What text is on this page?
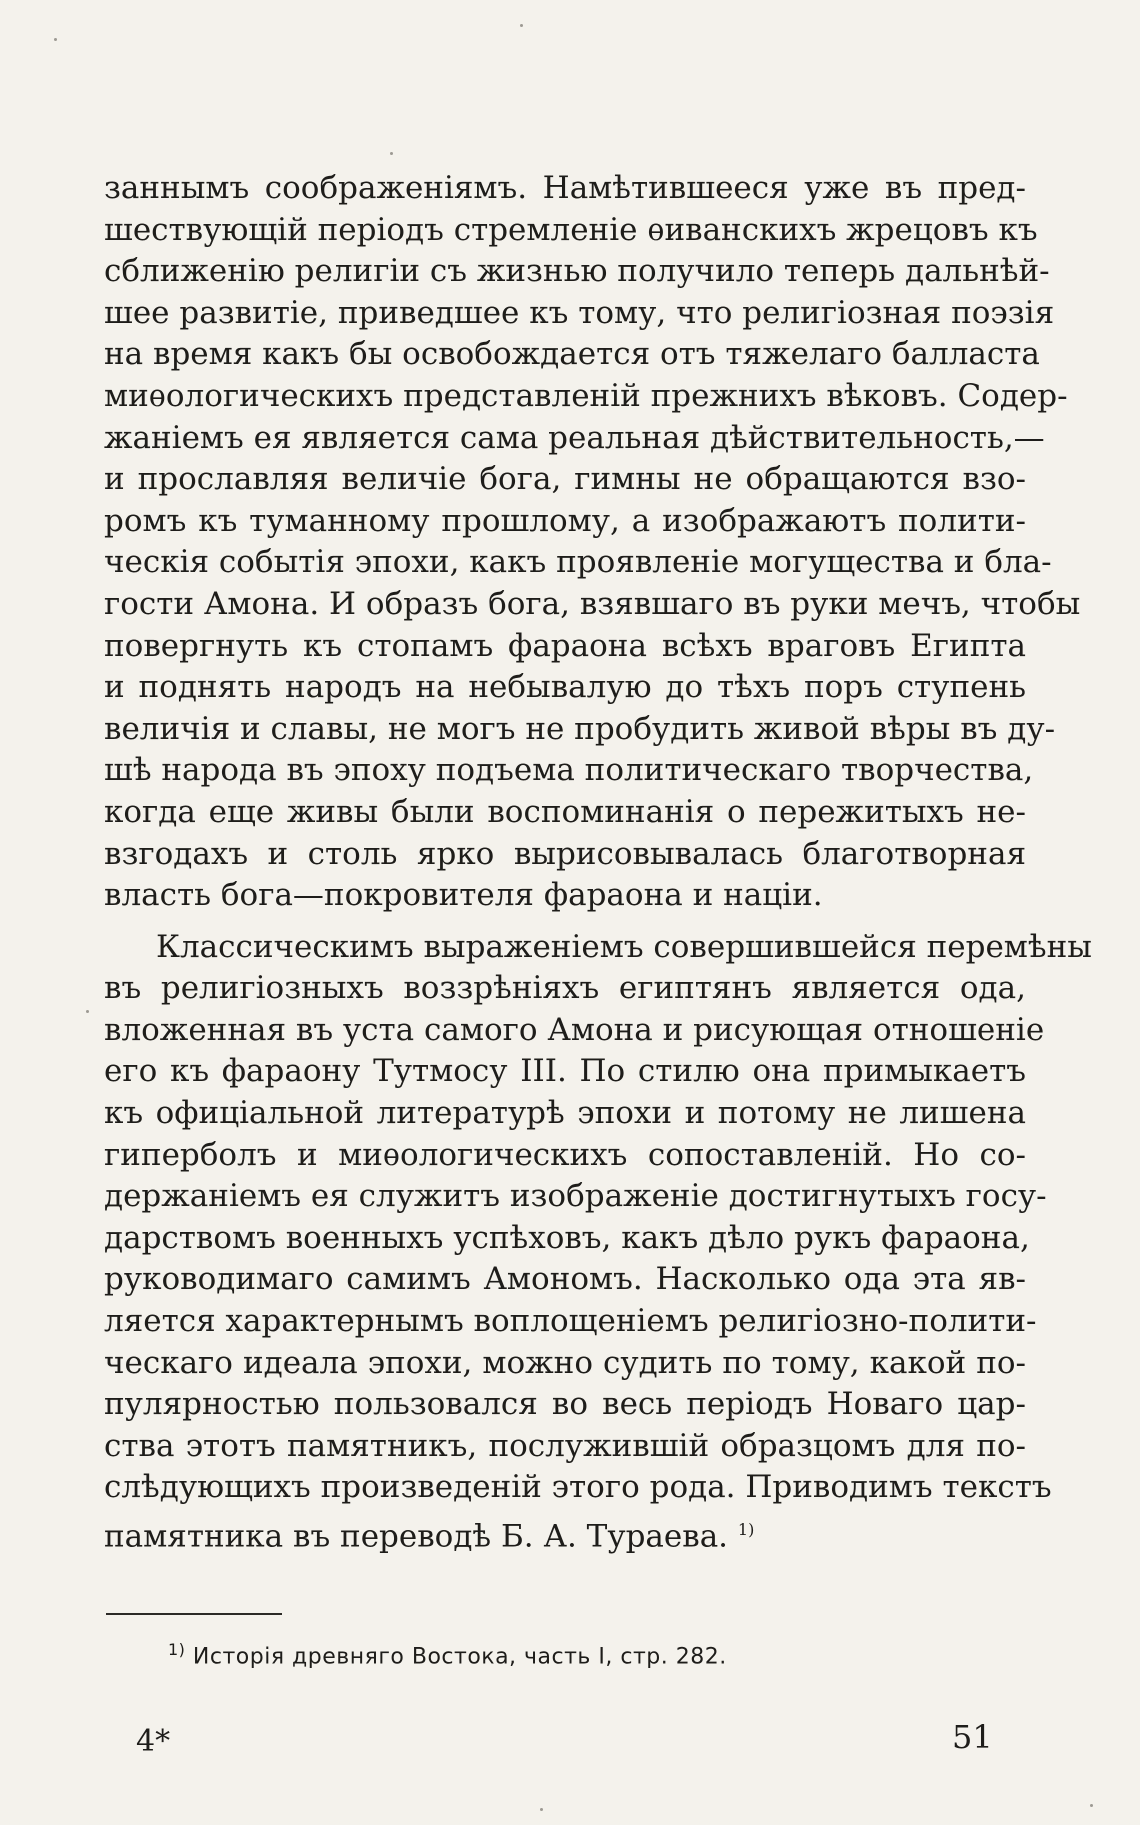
заннымъ соображеніямъ. Намѣтившееся уже въ пред-
шествующій періодъ стремленіе ѳиванскихъ жрецовъ къ
сближенію религіи съ жизнью получило теперь дальнѣй-
шее развитіе, приведшее къ тому, что религіозная поэзія
на время какъ бы освобождается отъ тяжелаго балласта
миѳологическихъ представленій прежнихъ вѣковъ. Содер-
жаніемъ ея является сама реальная дѣйствительность,—
и прославляя величіе бога, гимны не обращаются взо-
ромъ къ туманному прошлому, а изображаютъ полити-
ческія событія эпохи, какъ проявленіе могущества и бла-
гости Амона. И образъ бога, взявшаго въ руки мечъ, чтобы
повергнуть къ стопамъ фараона всѣхъ враговъ Египта
и поднять народъ на небывалую до тѣхъ поръ ступень
величія и славы, не могъ не пробудить живой вѣры въ ду-
шѣ народа въ эпоху подъема политическаго творчества,
когда еще живы были воспоминанія о пережитыхъ не-
взгодахъ и столь ярко вырисовывалась благотворная
власть бога—покровителя фараона и націи.

Классическимъ выраженіемъ совершившейся перемѣны
въ религіозныхъ воззрѣніяхъ египтянъ является ода,
вложенная въ уста самого Амона и рисующая отношеніе
его къ фараону Тутмосу III. По стилю она примыкаетъ
къ офиціальной литературѣ эпохи и потому не лишена
гиперболъ и миѳологическихъ сопоставленій. Но со-
держаніемъ ея служитъ изображеніе достигнутыхъ госу-
дарствомъ военныхъ успѣховъ, какъ дѣло рукъ фараона,
руководимаго самимъ Амономъ. Насколько ода эта яв-
ляется характернымъ воплощеніемъ религіозно-полити-
ческаго идеала эпохи, можно судить по тому, какой по-
пулярностью пользовался во весь періодъ Новаго цар-
ства этотъ памятникъ, послужившій образцомъ для по-
слѣдующихъ произведеній этого рода. Приводимъ текстъ
памятника въ переводѣ Б. А. Тураева. $^{1)}$

$^{1)}$ Исторія древняго Востока, часть I, стр. 282.
4*	51
